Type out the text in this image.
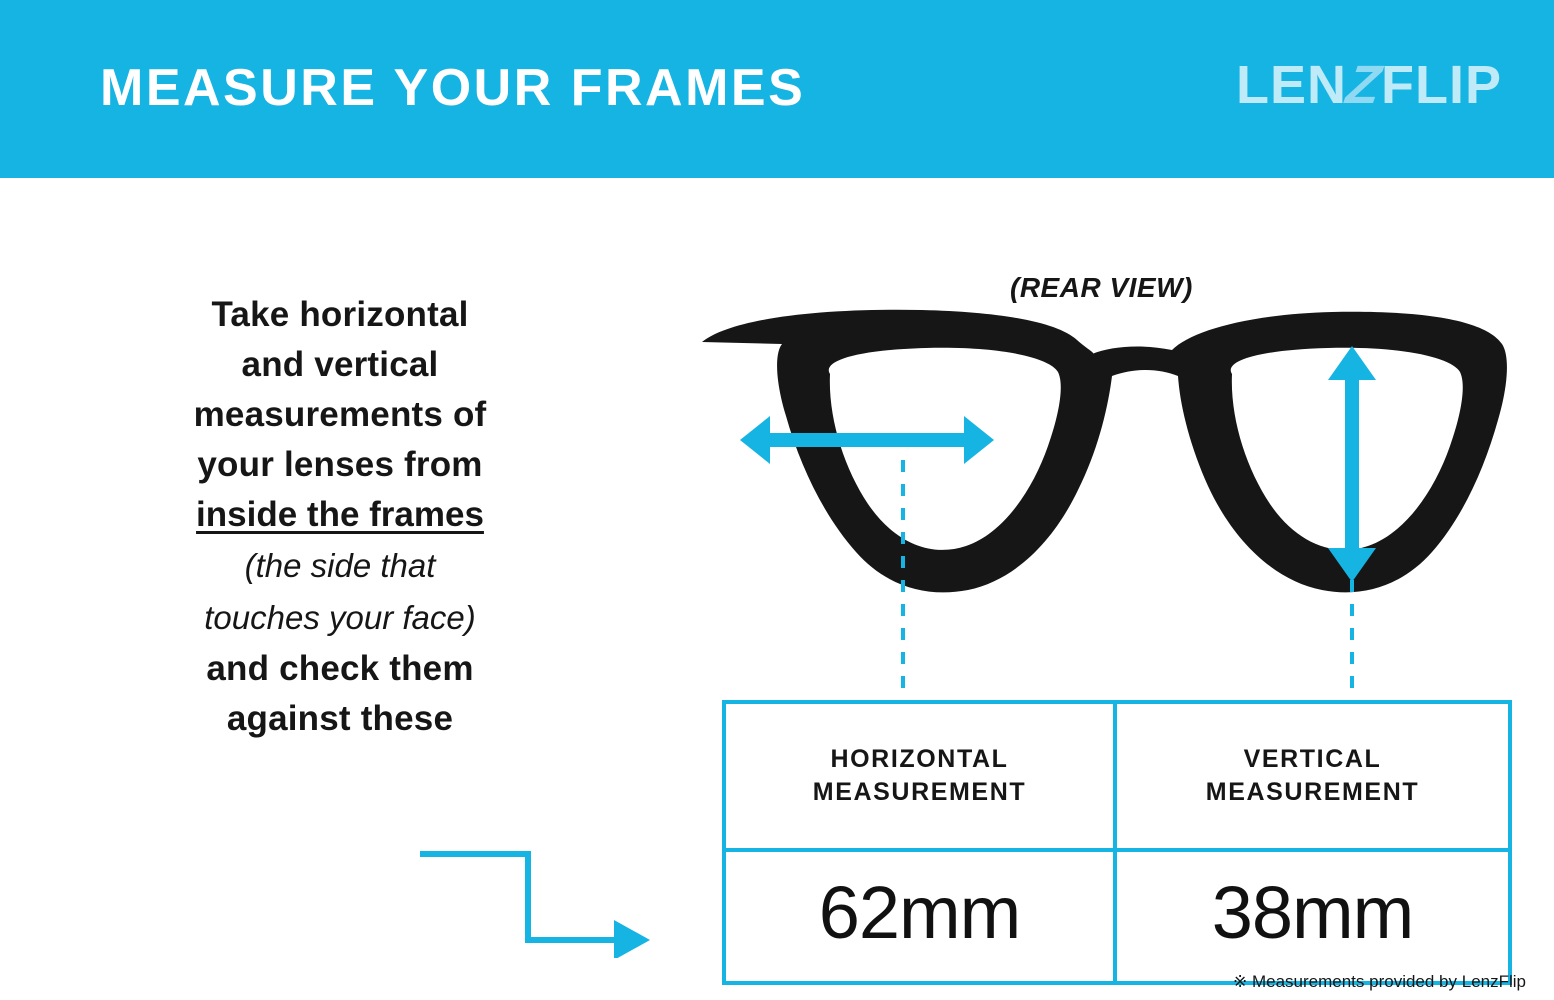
MEASURE YOUR FRAMES	LENZFLIP
Take horizontal
and vertical
measurements of
your lenses from
inside the frames
(the side that
touches your face)
and check them
against these
(REAR VIEW)
HORIZONTAL
MEASUREMENT
62mm
VERTICAL
MEASUREMENT
38mm
※ Measurements provided by LenzFlip
